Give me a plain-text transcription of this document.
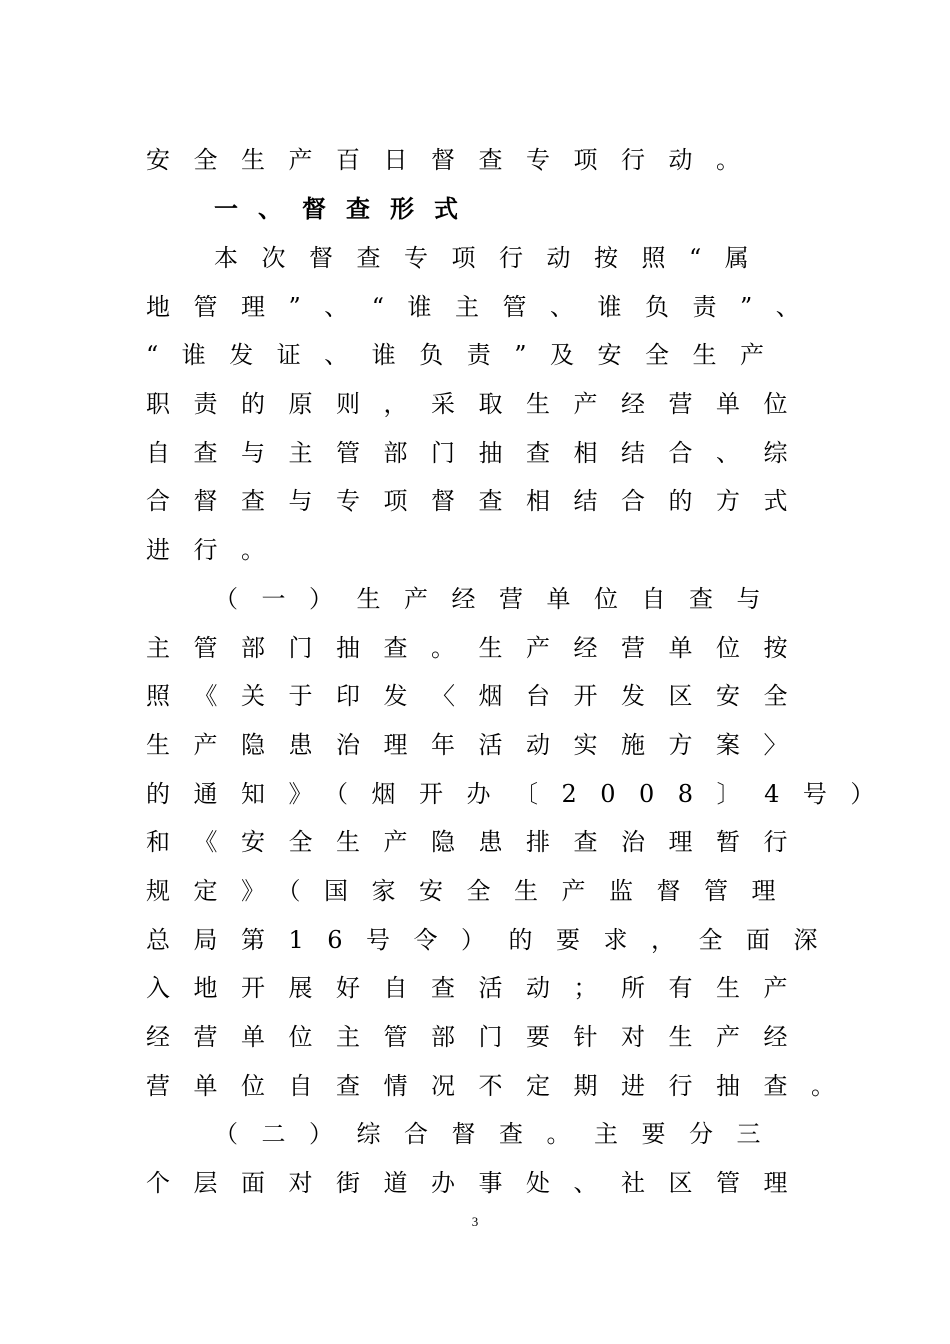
安全生产百日督查专项行动。
一、督查形式
本次督查专项行动按照“属
地管理”、“谁主管、谁负责”、
“谁发证、谁负责”及安全生产
职责的原则，采取生产经营单位
自查与主管部门抽查相结合、综
合督查与专项督查相结合的方式
进行。
（一）生产经营单位自查与
主管部门抽查。生产经营单位按
照《关于印发〈烟台开发区安全
生产隐患治理年活动实施方案〉
的通知》（烟开办〔2008〕4号）
和《安全生产隐患排查治理暂行
规定》（国家安全生产监督管理
总局第16号令）的要求，全面深
入地开展好自查活动；所有生产
经营单位主管部门要针对生产经
营单位自查情况不定期进行抽查。
（二）综合督查。主要分三
个层面对街道办事处、社区管理
3
